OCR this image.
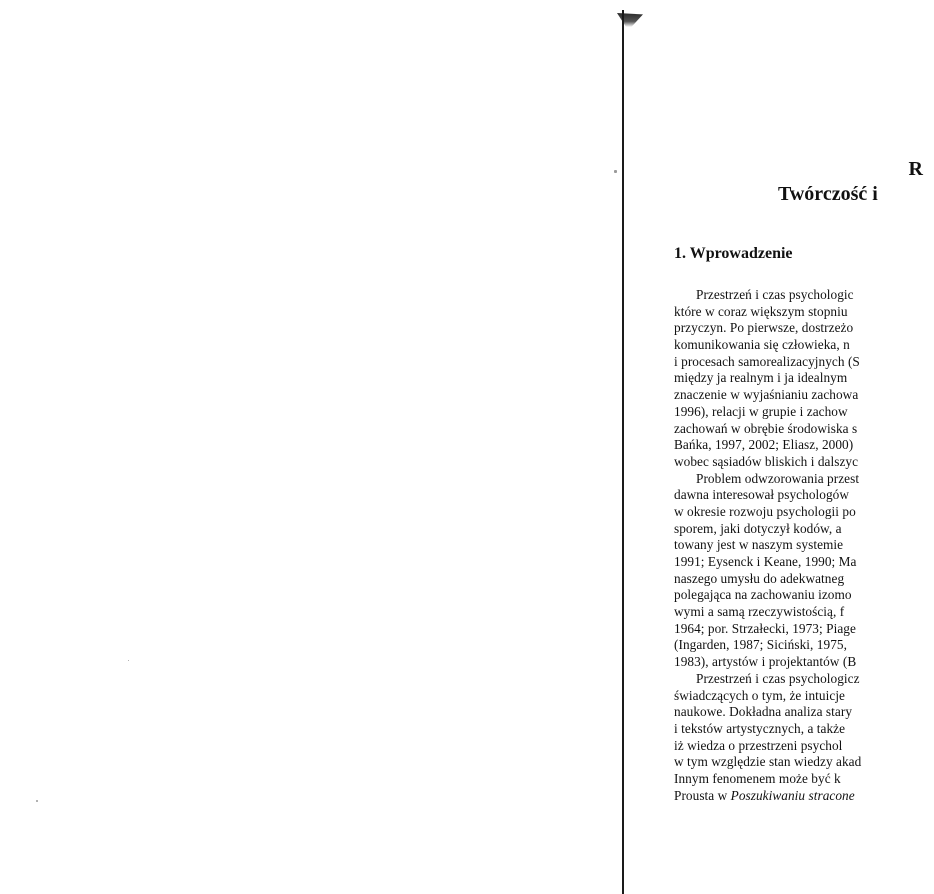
R
Twórczość i
1. Wprowadzenie
Przestrzeń i czas psychologic
które w coraz większym stopniu
przyczyn. Po pierwsze, dostrzeżo
komunikowania się człowieka, n
i procesach samorealizacyjnych (S
między ja realnym i ja idealnym
znaczenie w wyjaśnianiu zachowa
1996), relacji w grupie i zachow
zachowań w obrębie środowiska s
Bańka, 1997, 2002; Eliasz, 2000)
wobec sąsiadów bliskich i dalszyc
Problem odwzorowania przest
dawna interesował psychologów
w okresie rozwoju psychologii po
sporem, jaki dotyczył kodów, a
towany jest w naszym systemie
1991; Eysenck i Keane, 1990; Ma
naszego umysłu do adekwatneg
polegająca na zachowaniu izomo
wymi a samą rzeczywistością, f
1964; por. Strzałecki, 1973; Piage
(Ingarden, 1987; Siciński, 1975,
1983), artystów i projektantów (B
Przestrzeń i czas psychologicz
świadczących o tym, że intuicje
naukowe. Dokładna analiza stary
i tekstów artystycznych, a także
iż wiedza o przestrzeni psychol
w tym względzie stan wiedzy akad
Innym fenomenem może być k
Prousta w Poszukiwaniu stracone
